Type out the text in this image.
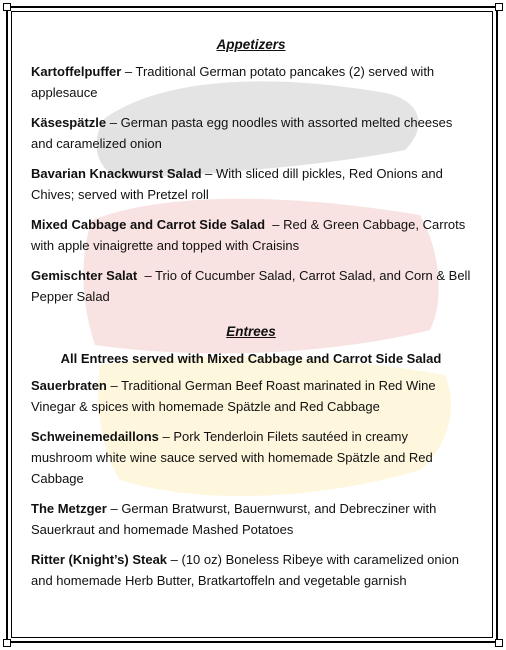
Appetizers
Kartoffelpuffer – Traditional German potato pancakes (2) served with applesauce
Käsespätzle – German pasta egg noodles with assorted melted cheeses and caramelized onion
Bavarian Knackwurst Salad – With sliced dill pickles, Red Onions and Chives; served with Pretzel roll
Mixed Cabbage and Carrot Side Salad  – Red & Green Cabbage, Carrots with apple vinaigrette and topped with Craisins
Gemischter Salat  – Trio of Cucumber Salad, Carrot Salad, and Corn & Bell Pepper Salad
Entrees
All Entrees served with Mixed Cabbage and Carrot Side Salad
Sauerbraten – Traditional German Beef Roast marinated in Red Wine Vinegar & spices with homemade Spätzle and Red Cabbage
Schweinemedaillons – Pork Tenderloin Filets sautéed in creamy mushroom white wine sauce served with homemade Spätzle and Red Cabbage
The Metzger – German Bratwurst, Bauernwurst, and Debrecziner with Sauerkraut and homemade Mashed Potatoes
Ritter (Knight’s) Steak – (10 oz) Boneless Ribeye with caramelized onion and homemade Herb Butter, Bratkartoffeln and vegetable garnish
